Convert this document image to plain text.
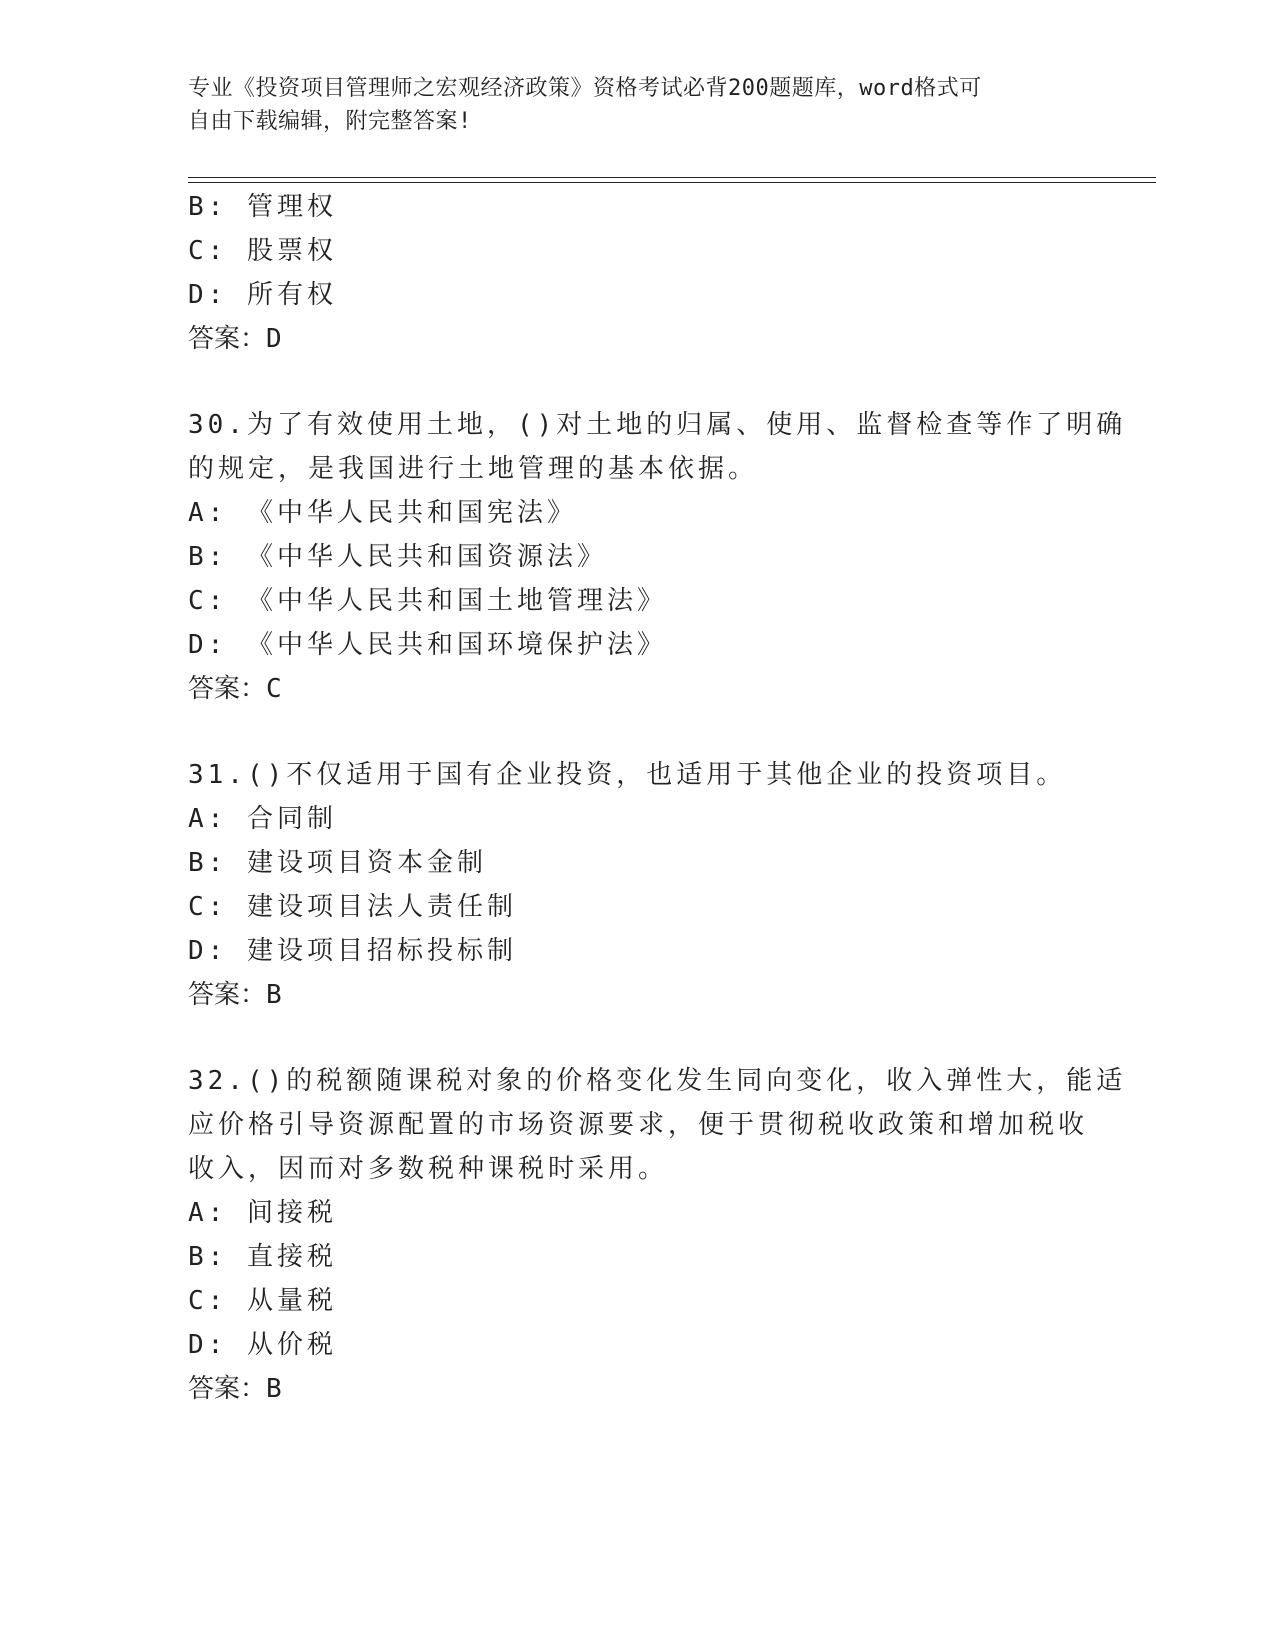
专业《投资项目管理师之宏观经济政策》资格考试必背200题题库，word格式可
自由下载编辑，附完整答案!
B: 管理权
C: 股票权
D: 所有权
答案：D
30.为了有效使用土地，()对土地的归属、使用、监督检查等作了明确
的规定，是我国进行土地管理的基本依据。
A: 《中华人民共和国宪法》
B: 《中华人民共和国资源法》
C: 《中华人民共和国土地管理法》
D: 《中华人民共和国环境保护法》
答案：C
31.()不仅适用于国有企业投资，也适用于其他企业的投资项目。
A: 合同制
B: 建设项目资本金制
C: 建设项目法人责任制
D: 建设项目招标投标制
答案：B
32.()的税额随课税对象的价格变化发生同向变化，收入弹性大，能适
应价格引导资源配置的市场资源要求，便于贯彻税收政策和增加税收
收入，因而对多数税种课税时采用。
A: 间接税
B: 直接税
C: 从量税
D: 从价税
答案：B
